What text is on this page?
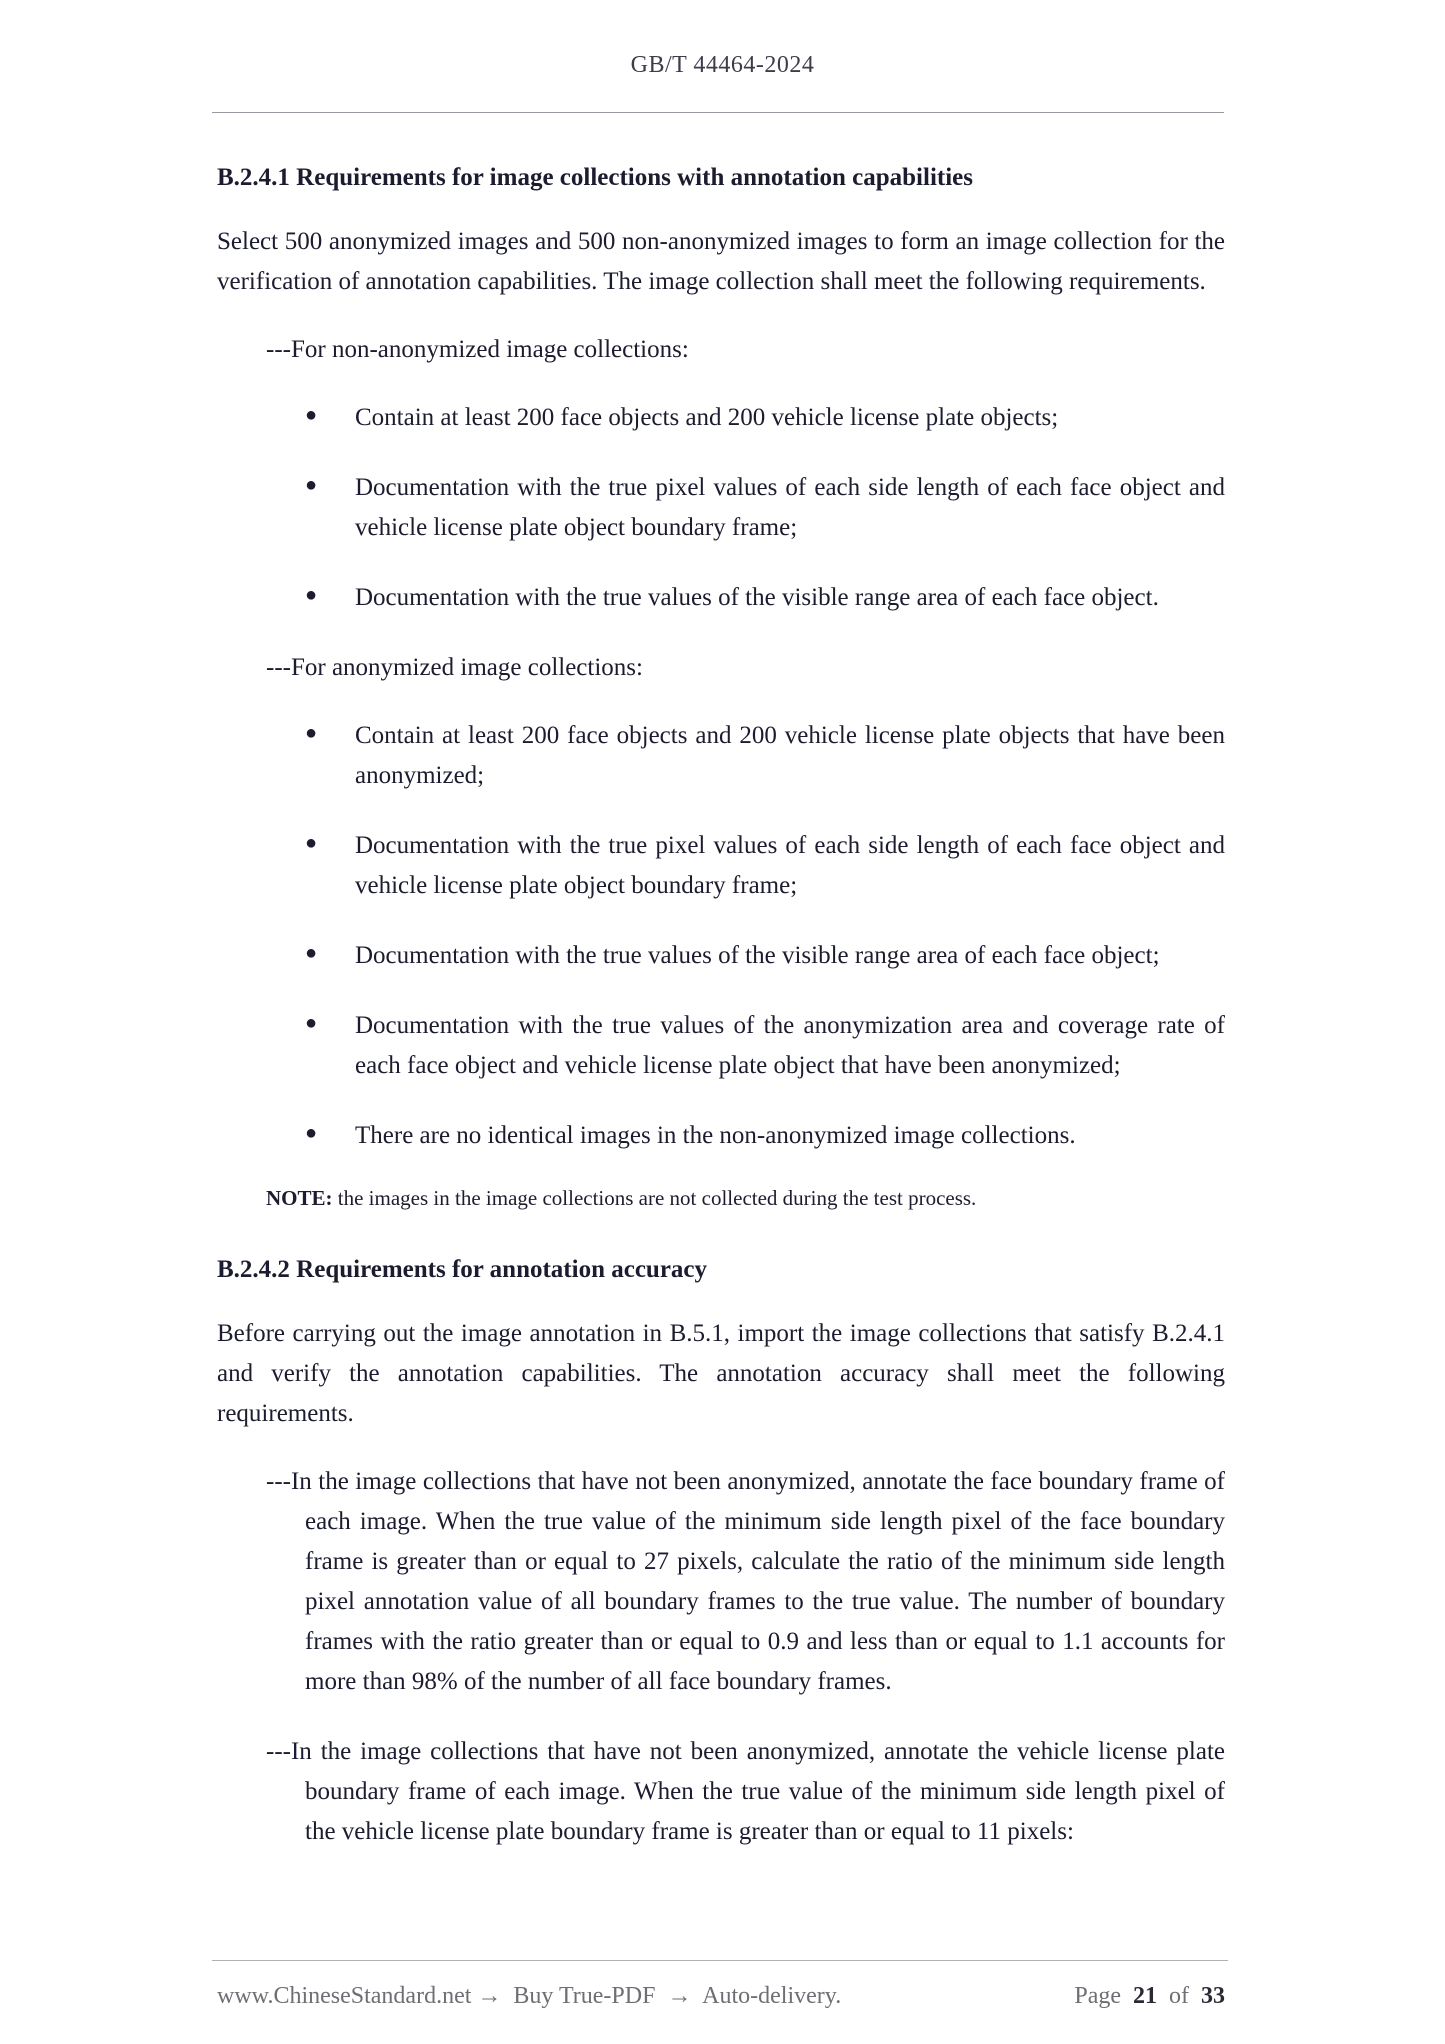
GB/T 44464-2024
B.2.4.1 Requirements for image collections with annotation capabilities

Select 500 anonymized images and 500 non-anonymized images to form an image collection for the verification of annotation capabilities. The image collection shall meet the following requirements.

---For non-anonymized image collections:
● Contain at least 200 face objects and 200 vehicle license plate objects;
● Documentation with the true pixel values of each side length of each face object and vehicle license plate object boundary frame;
● Documentation with the true values of the visible range area of each face object.
---For anonymized image collections:
● Contain at least 200 face objects and 200 vehicle license plate objects that have been anonymized;
● Documentation with the true pixel values of each side length of each face object and vehicle license plate object boundary frame;
● Documentation with the true values of the visible range area of each face object;
● Documentation with the true values of the anonymization area and coverage rate of each face object and vehicle license plate object that have been anonymized;
● There are no identical images in the non-anonymized image collections.
NOTE: the images in the image collections are not collected during the test process.
B.2.4.2 Requirements for annotation accuracy

Before carrying out the image annotation in B.5.1, import the image collections that satisfy B.2.4.1 and verify the annotation capabilities. The annotation accuracy shall meet the following requirements.

---In the image collections that have not been anonymized, annotate the face boundary frame of each image. When the true value of the minimum side length pixel of the face boundary frame is greater than or equal to 27 pixels, calculate the ratio of the minimum side length pixel annotation value of all boundary frames to the true value. The number of boundary frames with the ratio greater than or equal to 0.9 and less than or equal to 1.1 accounts for more than 98% of the number of all face boundary frames.
---In the image collections that have not been anonymized, annotate the vehicle license plate boundary frame of each image. When the true value of the minimum side length pixel of the vehicle license plate boundary frame is greater than or equal to 11 pixels:
www.ChineseStandard.net → Buy True-PDF → Auto-delivery.	Page 21 of 33
